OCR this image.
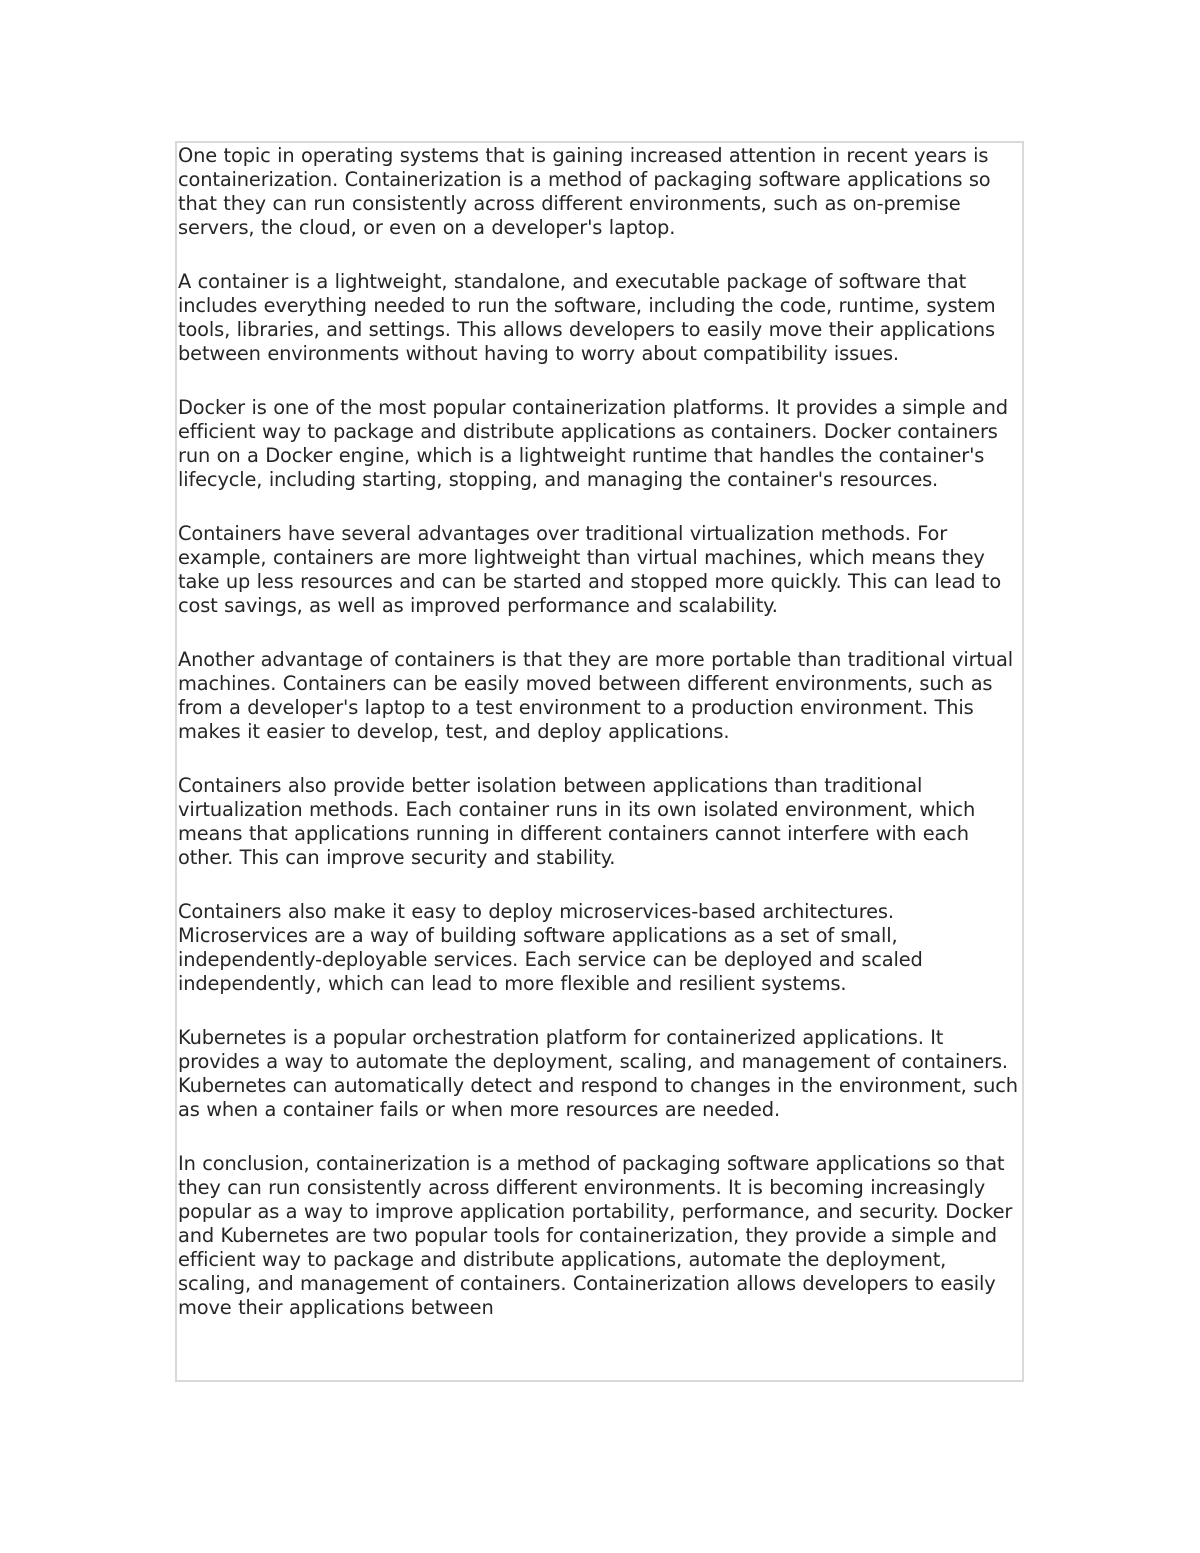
One topic in operating systems that is gaining increased attention in recent years is containerization. Containerization is a method of packaging software applications so that they can run consistently across different environments, such as on-premise servers, the cloud, or even on a developer's laptop.

A container is a lightweight, standalone, and executable package of software that includes everything needed to run the software, including the code, runtime, system tools, libraries, and settings. This allows developers to easily move their applications between environments without having to worry about compatibility issues.

Docker is one of the most popular containerization platforms. It provides a simple and efficient way to package and distribute applications as containers. Docker containers run on a Docker engine, which is a lightweight runtime that handles the container's lifecycle, including starting, stopping, and managing the container's resources.

Containers have several advantages over traditional virtualization methods. For example, containers are more lightweight than virtual machines, which means they take up less resources and can be started and stopped more quickly. This can lead to cost savings, as well as improved performance and scalability.

Another advantage of containers is that they are more portable than traditional virtual machines. Containers can be easily moved between different environments, such as from a developer's laptop to a test environment to a production environment. This makes it easier to develop, test, and deploy applications.

Containers also provide better isolation between applications than traditional virtualization methods. Each container runs in its own isolated environment, which means that applications running in different containers cannot interfere with each other. This can improve security and stability.

Containers also make it easy to deploy microservices-based architectures. Microservices are a way of building software applications as a set of small, independently-deployable services. Each service can be deployed and scaled independently, which can lead to more flexible and resilient systems.

Kubernetes is a popular orchestration platform for containerized applications. It provides a way to automate the deployment, scaling, and management of containers. Kubernetes can automatically detect and respond to changes in the environment, such as when a container fails or when more resources are needed.

In conclusion, containerization is a method of packaging software applications so that they can run consistently across different environments. It is becoming increasingly popular as a way to improve application portability, performance, and security. Docker and Kubernetes are two popular tools for containerization, they provide a simple and efficient way to package and distribute applications, automate the deployment, scaling, and management of containers. Containerization allows developers to easily move their applications between
